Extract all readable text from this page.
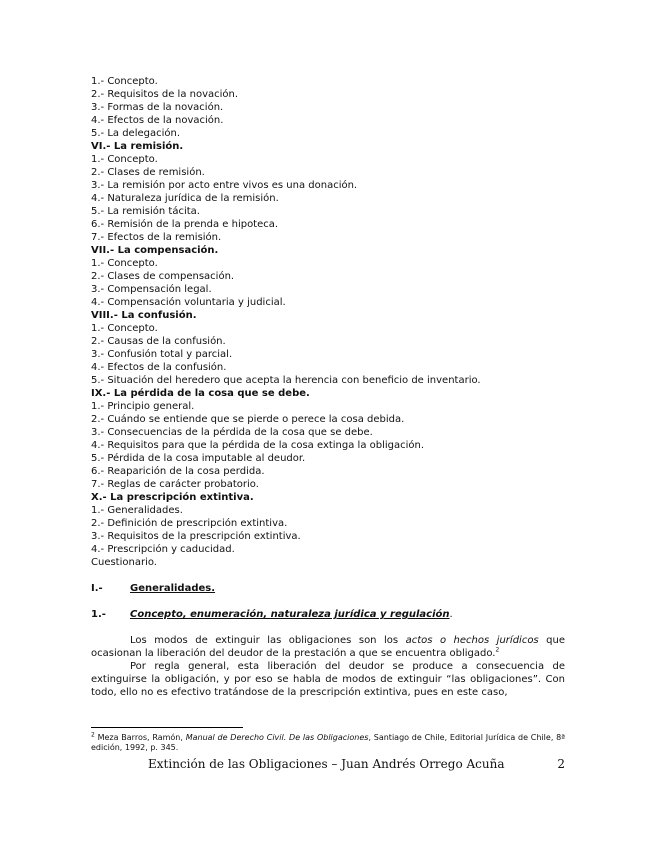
1.- Concepto.
2.- Requisitos de la novación.
3.- Formas de la novación.
4.- Efectos de la novación.
5.- La delegación.
VI.- La remisión.
1.- Concepto.
2.- Clases de remisión.
3.- La remisión por acto entre vivos es una donación.
4.- Naturaleza jurídica de la remisión.
5.- La remisión tácita.
6.- Remisión de la prenda e hipoteca.
7.- Efectos de la remisión.
VII.- La compensación.
1.- Concepto.
2.- Clases de compensación.
3.- Compensación legal.
4.- Compensación voluntaria y judicial.
VIII.- La confusión.
1.- Concepto.
2.- Causas de la confusión.
3.- Confusión total y parcial.
4.- Efectos de la confusión.
5.- Situación del heredero que acepta la herencia con beneficio de inventario.
IX.- La pérdida de la cosa que se debe.
1.- Principio general.
2.- Cuándo se entiende que se pierde o perece la cosa debida.
3.- Consecuencias de la pérdida de la cosa que se debe.
4.- Requisitos para que la pérdida de la cosa extinga la obligación.
5.- Pérdida de la cosa imputable al deudor.
6.- Reaparición de la cosa perdida.
7.- Reglas de carácter probatorio.
X.- La prescripción extintiva.
1.- Generalidades.
2.- Definición de prescripción extintiva.
3.- Requisitos de la prescripción extintiva.
4.- Prescripción y caducidad.
Cuestionario.
I.-	Generalidades.
1.-	Concepto, enumeración, naturaleza jurídica y regulación.

Los modos de extinguir las obligaciones son los actos o hechos jurídicos que ocasionan la liberación del deudor de la prestación a que se encuentra obligado.$^2$

Por regla general, esta liberación del deudor se produce a consecuencia de extinguirse la obligación, y por eso se habla de modos de extinguir “las obligaciones”. Con todo, ello no es efectivo tratándose de la prescripción extintiva, pues en este caso,

$^2$ Meza Barros, Ramón, Manual de Derecho Civil. De las Obligaciones, Santiago de Chile, Editorial Jurídica de Chile, 8ª edición, 1992, p. 345.
Extinción de las Obligaciones – Juan Andrés Orrego Acuña	2
